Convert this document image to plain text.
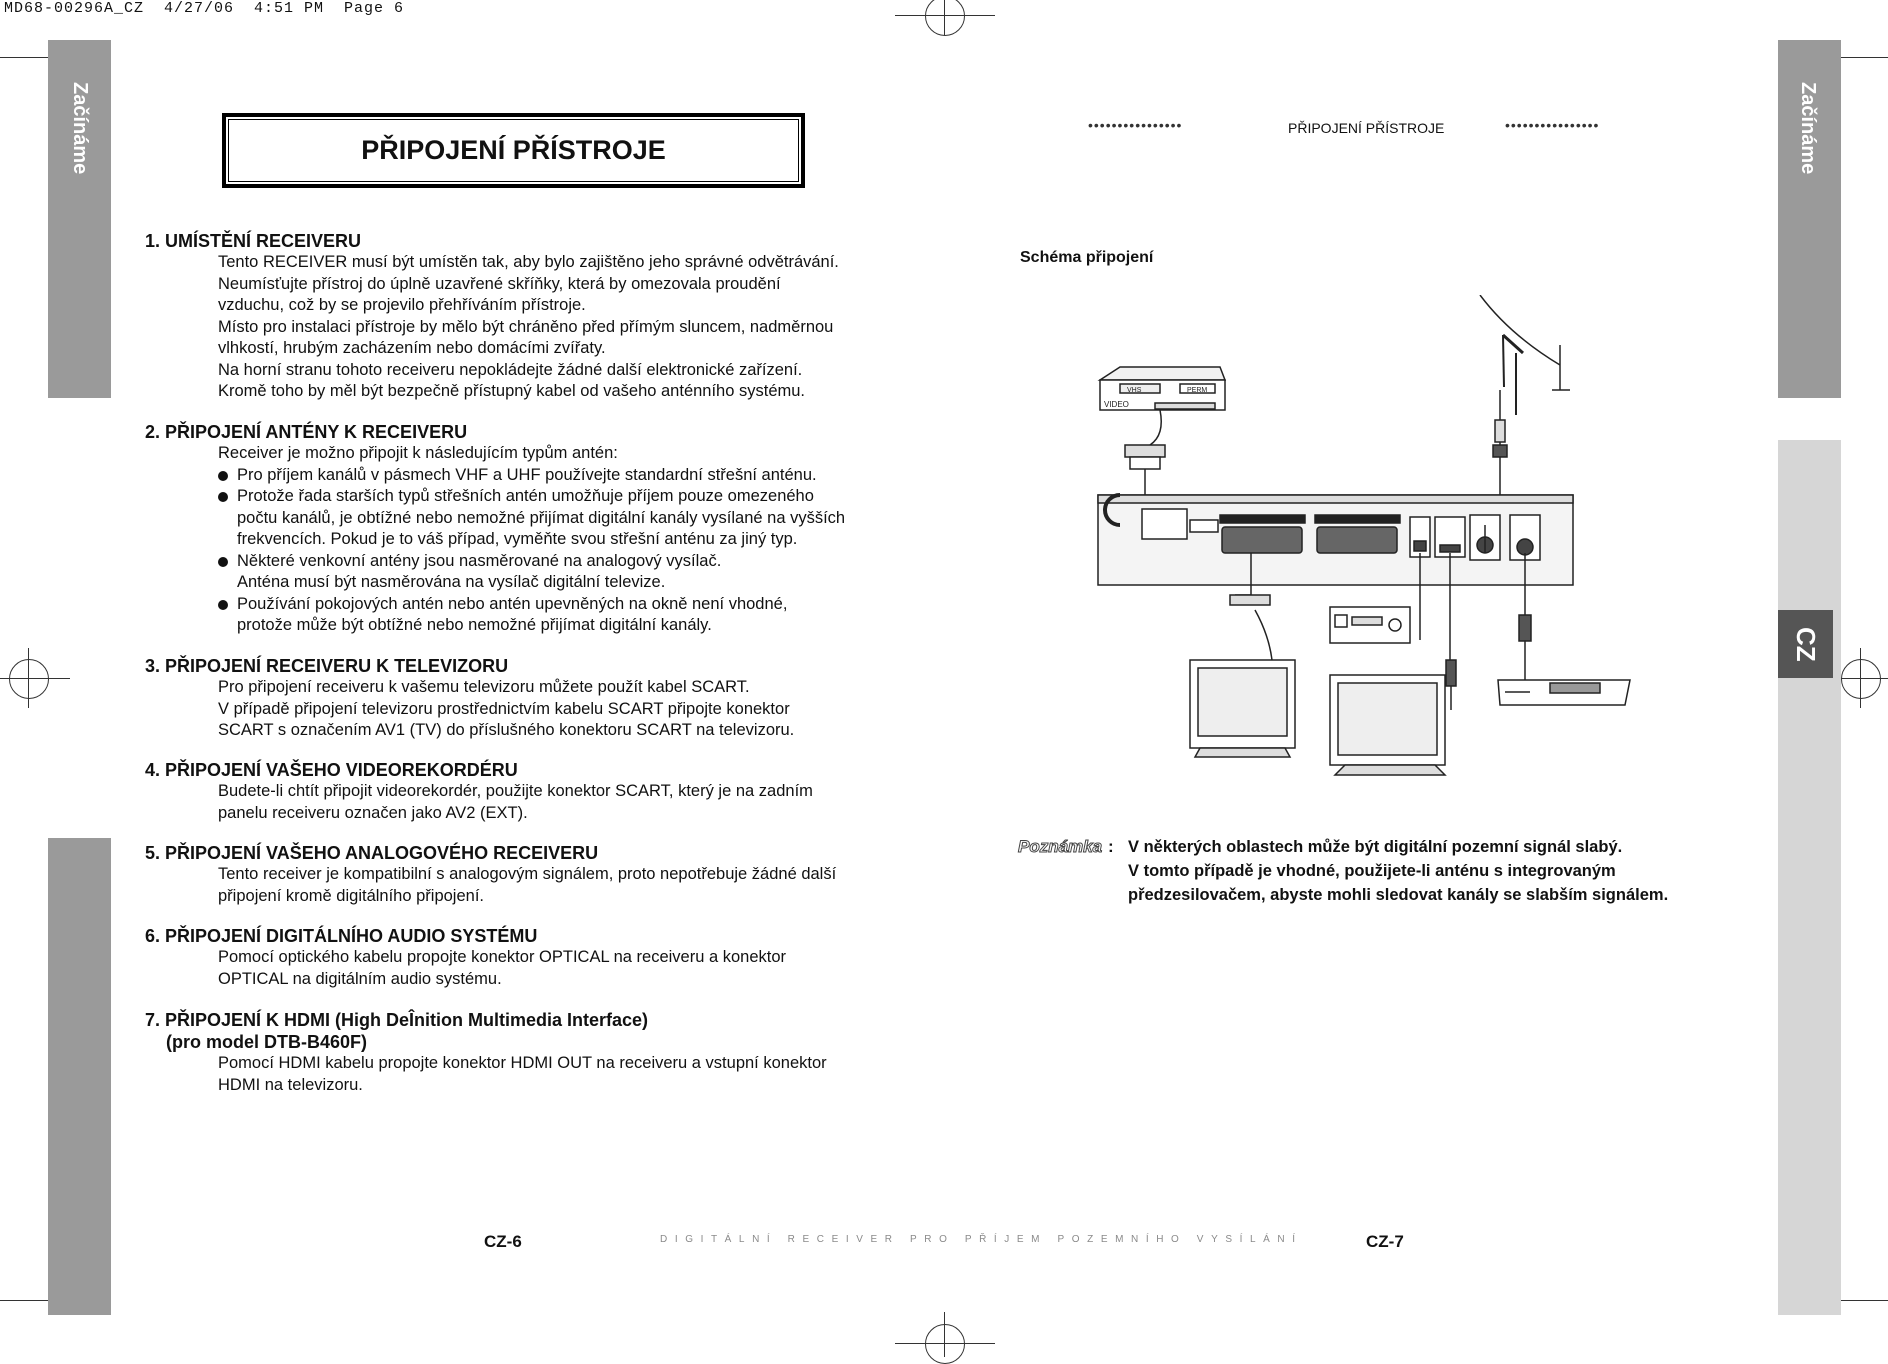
MD68-00296A_CZ  4/27/06  4:51 PM  Page 6
Začínáme	Začínáme
CZ
PŘIPOJENÍ PŘÍSTROJE

1. UMÍSTĚNÍ RECEIVERU

Tento RECEIVER musí být umístěn tak, aby bylo zajištěno jeho správné odvětrávání.

Neumísťujte přístroj do úplně uzavřené skříňky, která by omezovala proudění

vzduchu, což by se projevilo přehříváním přístroje.

Místo pro instalaci přístroje by mělo být chráněno před přímým sluncem, nadměrnou

vlhkostí, hrubým zacházením nebo domácími zvířaty.

Na horní stranu tohoto receiveru nepokládejte žádné další elektronické zařízení.

Kromě toho by měl být bezpečně přístupný kabel od vašeho anténního systému.

2. PŘIPOJENÍ ANTÉNY K RECEIVERU

Receiver je možno připojit k následujícím typům antén:

Pro příjem kanálů v pásmech VHF a UHF používejte standardní střešní anténu.

Protože řada starších typů střešních antén umožňuje příjem pouze omezeného

počtu kanálů, je obtížné nebo nemožné přijímat digitální kanály vysílané na vyšších

frekvencích. Pokud je to váš případ, vyměňte svou střešní anténu za jiný typ.

Některé venkovní antény jsou nasměrované na analogový vysílač.

Anténa musí být nasměrována na vysílač digitální televize.

Používání pokojových antén nebo antén upevněných na okně není vhodné,

protože může být obtížné nebo nemožné přijímat digitální kanály.

3. PŘIPOJENÍ RECEIVERU K TELEVIZORU

Pro připojení receiveru k vašemu televizoru můžete použít kabel SCART.

V případě připojení televizoru prostřednictvím kabelu SCART připojte konektor

SCART s označením AV1 (TV) do příslušného konektoru SCART na televizoru.

4. PŘIPOJENÍ VAŠEHO VIDEOREKORDÉRU

Budete-li chtít připojit videorekordér, použijte konektor SCART, který je na zadním

panelu receiveru označen jako AV2 (EXT).

5. PŘIPOJENÍ VAŠEHO ANALOGOVÉHO RECEIVERU

Tento receiver je kompatibilní s analogovým signálem, proto nepotřebuje žádné další

připojení kromě digitálního připojení.

6. PŘIPOJENÍ DIGITÁLNÍHO AUDIO SYSTÉMU

Pomocí optického kabelu propojte konektor OPTICAL na receiveru a konektor

OPTICAL na digitálním audio systému.

7. PŘIPOJENÍ K HDMI (High DeÎnition Multimedia Interface)

(pro model DTB-B460F)

Pomocí HDMI kabelu propojte konektor HDMI OUT na receiveru a vstupní konektor

HDMI na televizoru.

••••••••••••••••	PŘIPOJENÍ PŘÍSTROJE	••••••••••••••••
Schéma připojení
VHS	PERM
VIDEO
Poznámka : V některých oblastech může být digitální pozemní signál slabý.

V tomto případě je vhodné, použijete-li anténu s integrovaným

předzesilovačem, abyste mohli sledovat kanály se slabším signálem.

CZ-6	DIGITÁLNÍ RECEIVER PRO PŘÍJEM POZEMNÍHO VYSÍLÁNÍ	CZ-7
